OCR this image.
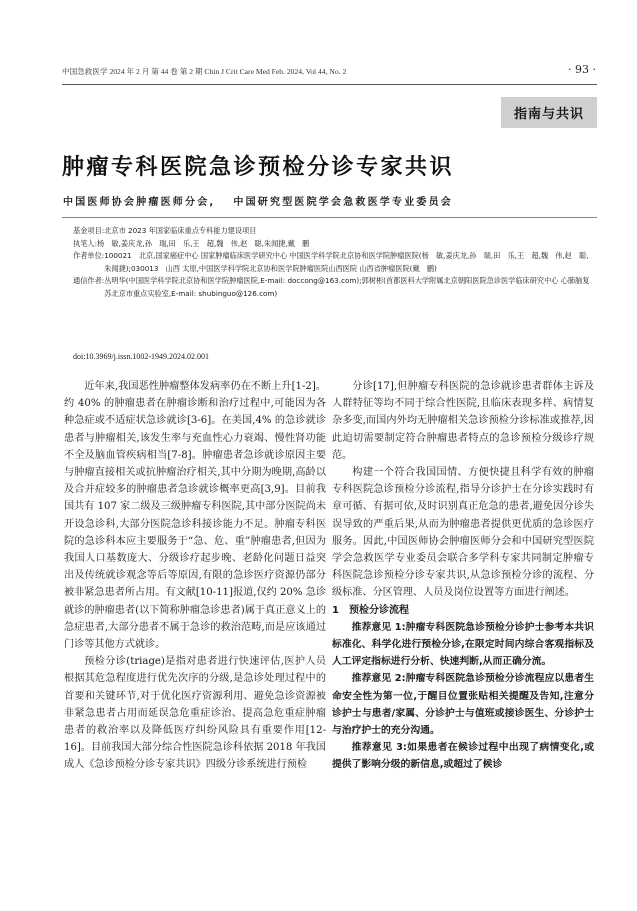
中国急救医学 2024 年 2 月 第 44 卷 第 2 期 Chin J Crit Care Med Feb. 2024, Vol 44, No. 2	· 93 ·
指南与共识
肿瘤专科医院急诊预检分诊专家共识
中国医师协会肿瘤医师分会, 中国研究型医院学会急救医学专业委员会
基金项目: 北京市 2023 年国家临床重点专科能力建设项目
执笔人: 杨　敏,姜庆龙,孙　瑞,田　乐,王　超,魏　伟,赵　聪,朱闻捷,戴　鹏
作者单位: 100021　北京,国家癌症中心 国家肿瘤临床医学研究中心 中国医学科学院北京协和医学院肿瘤医院(杨　敏,姜庆龙,孙　瑞,田　乐,王　超,魏　伟,赵　聪,朱闻捷);030013　山西 太原,中国医学科学院北京协和医学院肿瘤医院山西医院 山西省肿瘤医院(戴　鹏)
通信作者: 丛明华(中国医学科学院北京协和医学院肿瘤医院,E-mail: doccong@163.com);郭树彬(首都医科大学附属北京朝阳医院急诊医学临床研究中心 心肺脑复苏北京市重点实验室,E-mail: shubinguo@126.com)
doi:10.3969/j.issn.1002-1949.2024.02.001

近年来,我国恶性肿瘤整体发病率仍在不断上升[1-2]。约 40% 的肿瘤患者在肿瘤诊断和治疗过程中,可能因为各种急症或不适症状急诊就诊[3-6]。在美国,4% 的急诊就诊患者与肿瘤相关,该发生率与充血性心力衰竭、慢性肾功能不全及脑血管疾病相当[7-8]。肿瘤患者急诊就诊原因主要与肿瘤直接相关或抗肿瘤治疗相关,其中分期为晚期,高龄以及合并症较多的肿瘤患者急诊就诊概率更高[3,9]。目前我国共有 107 家二级及三级肿瘤专科医院,其中部分医院尚未开设急诊科,大部分医院急诊科接诊能力不足。肿瘤专科医院的急诊科本应主要服务于“急、危、重”肿瘤患者,但因为我国人口基数庞大、分级诊疗起步晚、老龄化问题日益突出及传统就诊观念等后等原因,有限的急诊医疗资源仍部分被非紧急患者所占用。有文献[10-11]报道,仅约 20% 急诊就诊的肿瘤患者(以下简称肿瘤急诊患者)属于真正意义上的急症患者,大部分患者不属于急诊的救治范畴,而是应该通过门诊等其他方式就诊。

预检分诊(triage)是指对患者进行快速评估,医护人员根据其危急程度进行优先次序的分级,是急诊处理过程中的首要和关键环节,对于优化医疗资源利用、避免急诊资源被非紧急患者占用而延误急危重症诊治、提高急危重症肿瘤患者的救治率以及降低医疗纠纷风险具有重要作用[12-16]。目前我国大部分综合性医院急诊科依据 2018 年我国成人《急诊预检分诊专家共识》四级分诊系统进行预检

分诊[17],但肿瘤专科医院的急诊就诊患者群体主诉及人群特征等均不同于综合性医院,且临床表现多样、病情复杂多变,而国内外均无肿瘤相关急诊预检分诊标准或推荐,因此迫切需要制定符合肿瘤患者特点的急诊预检分级诊疗规范。

构建一个符合我国国情、方便快捷且科学有效的肿瘤专科医院急诊预检分诊流程,指导分诊护士在分诊实践时有章可循、有据可依,及时识别真正危急的患者,避免因分诊失误导致的严重后果,从而为肿瘤患者提供更优质的急诊医疗服务。因此,中国医师协会肿瘤医师分会和中国研究型医院学会急救医学专业委员会联合多学科专家共同制定肿瘤专科医院急诊预检分诊专家共识,从急诊预检分诊的流程、分级标准、分区管理、人员及岗位设置等方面进行阐述。

1　预检分诊流程

推荐意见 1:肿瘤专科医院急诊预检分诊护士参考本共识标准化、科学化进行预检分诊,在限定时间内综合客观指标及人工评定指标进行分析、快速判断,从而正确分流。

推荐意见 2:肿瘤专科医院急诊预检分诊流程应以患者生命安全性为第一位,于醒目位置张贴相关提醒及告知,注意分诊护士与患者/家属、分诊护士与值班或接诊医生、分诊护士与治疗护士的充分沟通。

推荐意见 3:如果患者在候诊过程中出现了病情变化,或提供了影响分级的新信息,或超过了候诊
